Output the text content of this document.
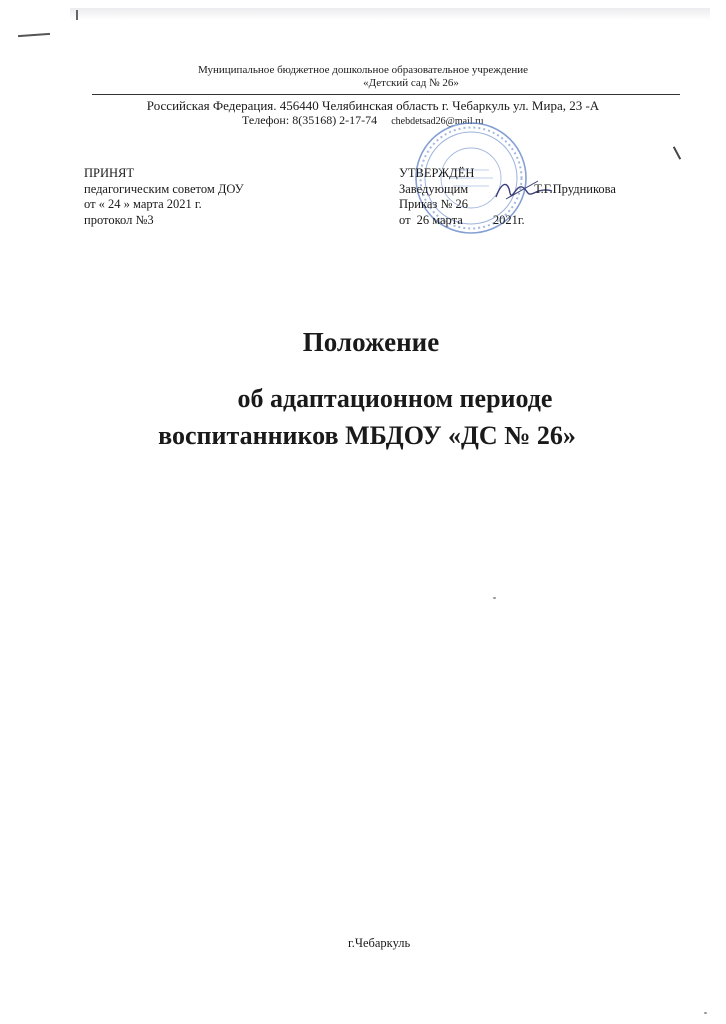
Муниципальное бюджетное дошкольное образовательное учреждение
«Детский сад № 26»
Российская Федерация. 456440 Челябинская область г. Чебаркуль ул. Мира, 23 -А
Телефон: 8(35168) 2-17-74 chebdetsad26@mail.ru
ПРИНЯТ
педагогическим советом ДОУ
от « 24 » марта 2021 г.
протокол №3
УТВЕРЖДЁН
Заведующим	Т.Г.Прудникова
Приказ № 26
от 26 марта 2021г.
Положение
об адаптационном периоде
воспитанников МБДОУ «ДС № 26»
г.Чебаркуль
